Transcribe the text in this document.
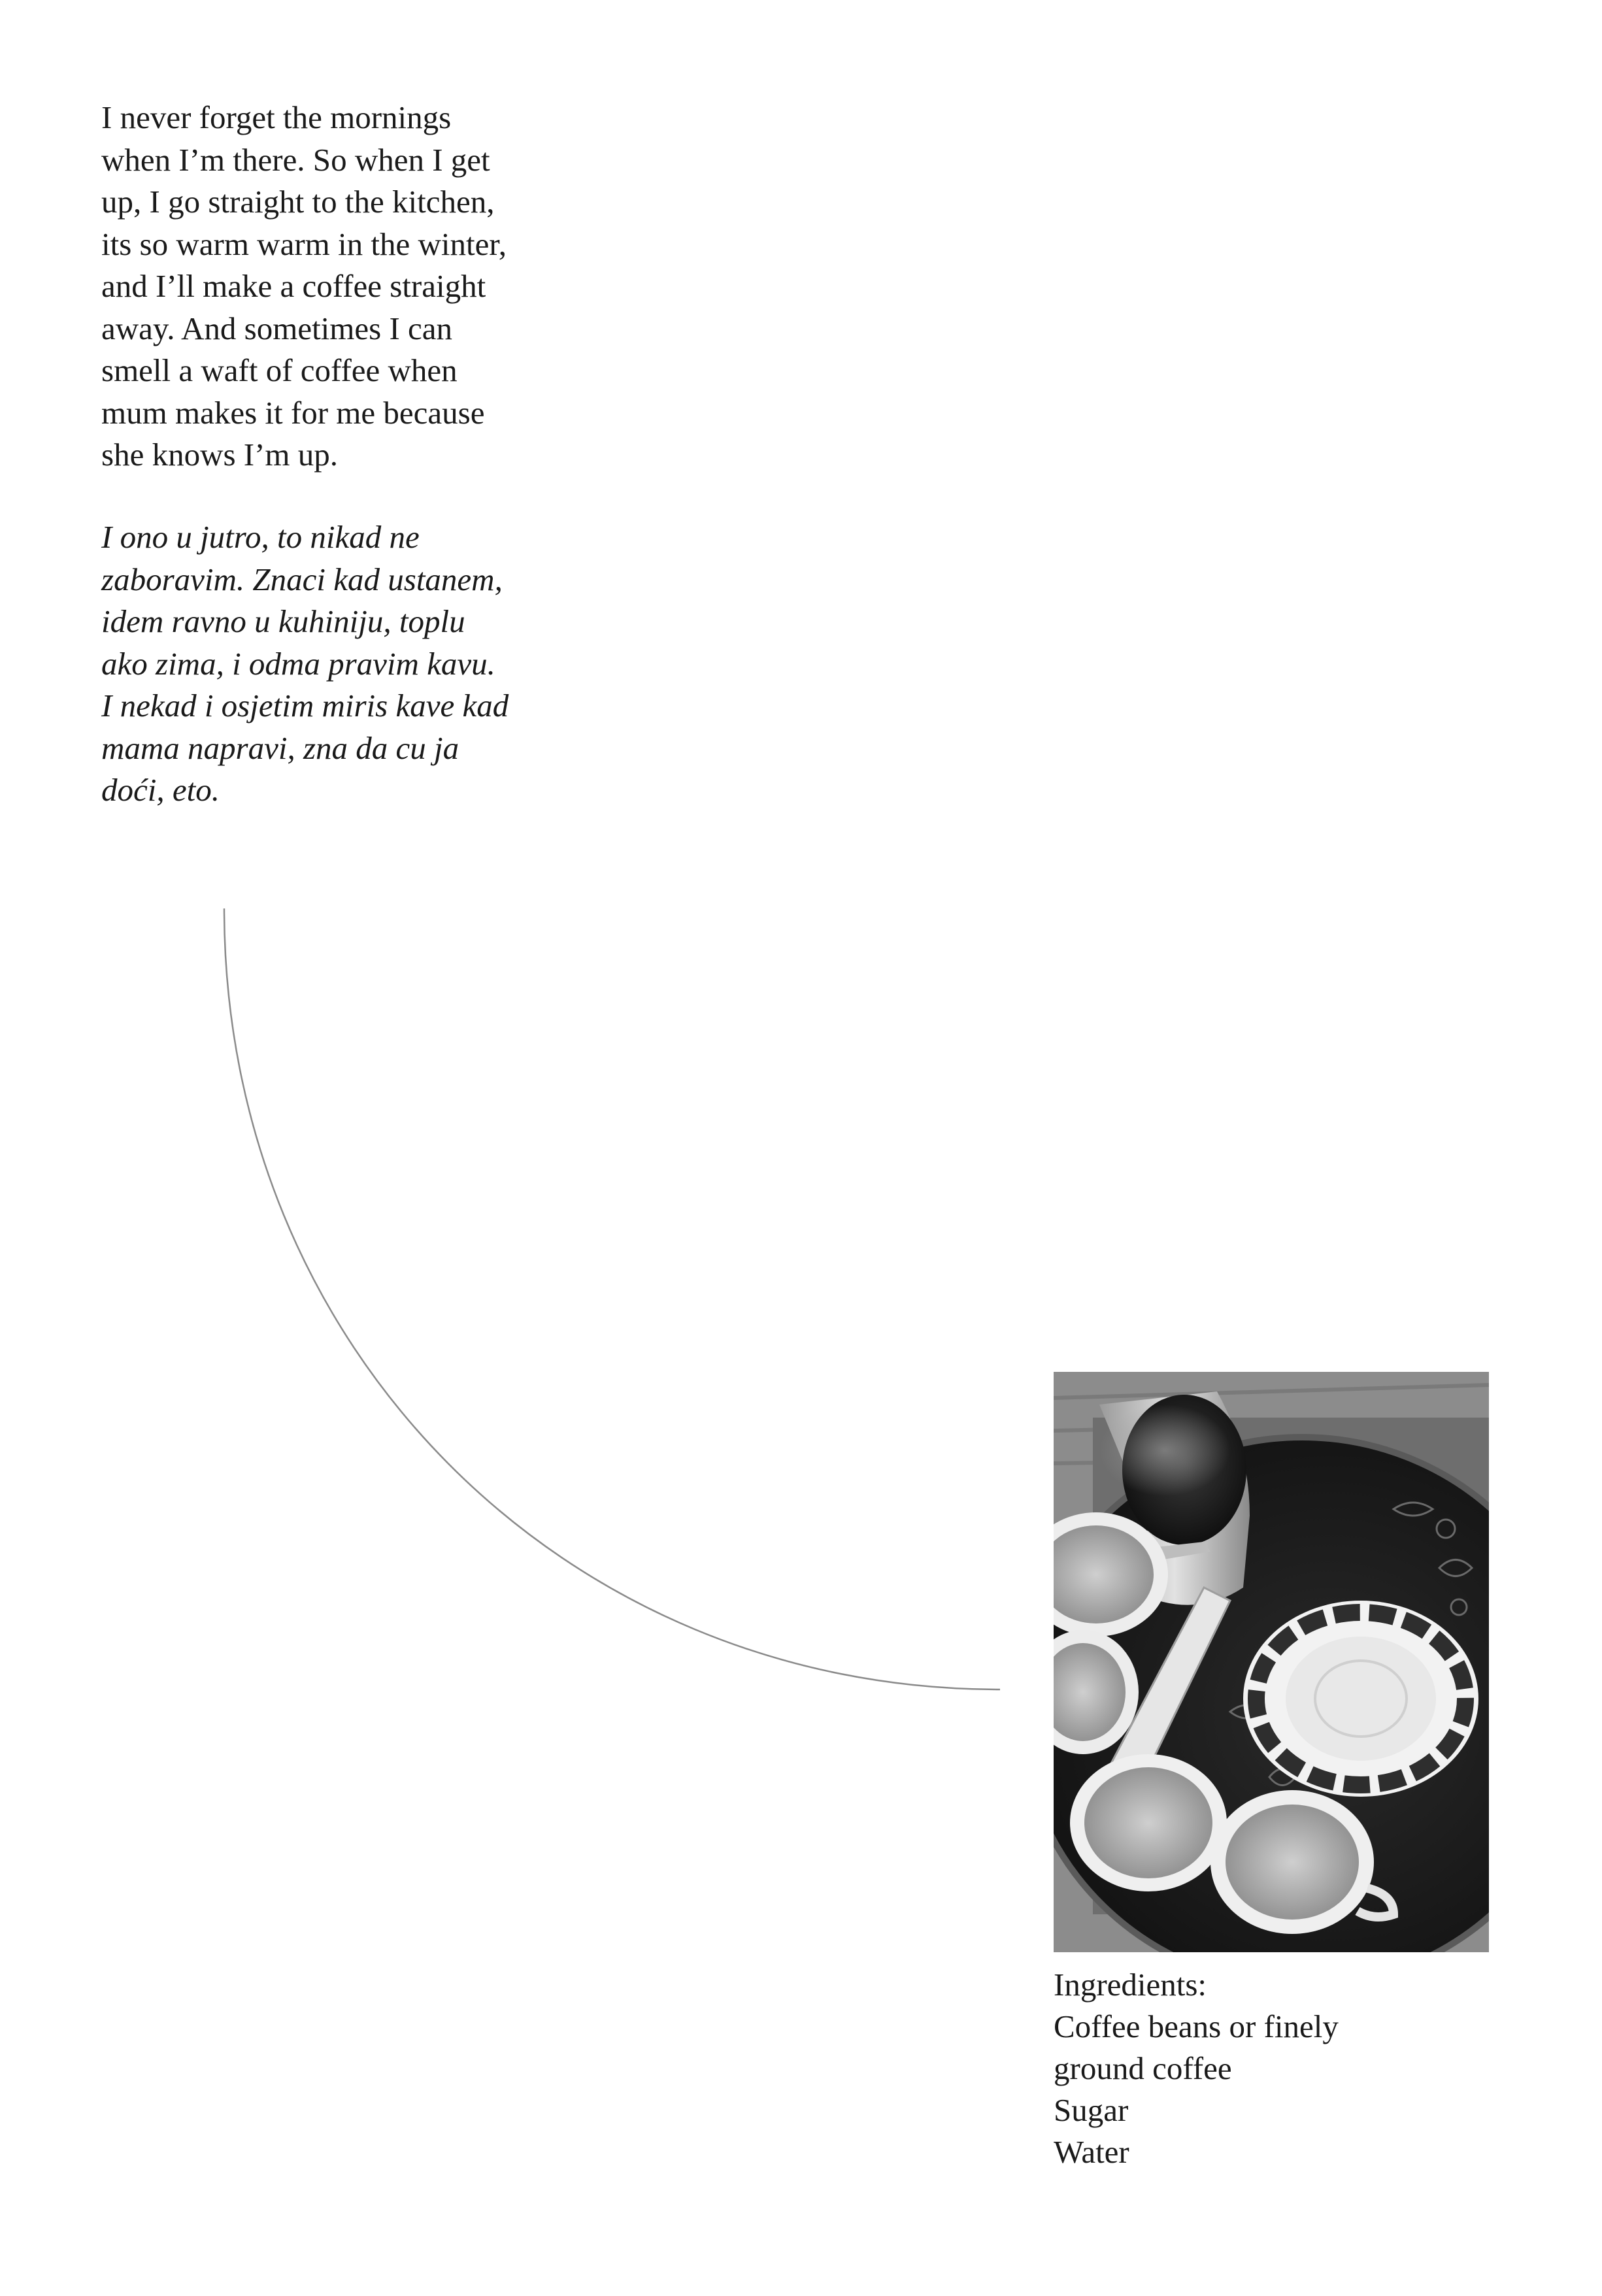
I never forget the mornings
when I’m there. So when I get
up, I go straight to the kitchen,
its so warm warm in the winter,
and I’ll make a coffee straight
away. And sometimes I can
smell a waft of coffee when
mum makes it for me because
she knows I’m up.
I ono u jutro, to nikad ne
zaboravim. Znaci kad ustanem,
idem ravno u kuhiniju, toplu
ako zima, i odma pravim kavu.
I nekad i osjetim miris kave kad
mama napravi, zna da cu ja
doći, eto.
Ingredients:
Coffee beans or finely
ground coffee
Sugar
Water
